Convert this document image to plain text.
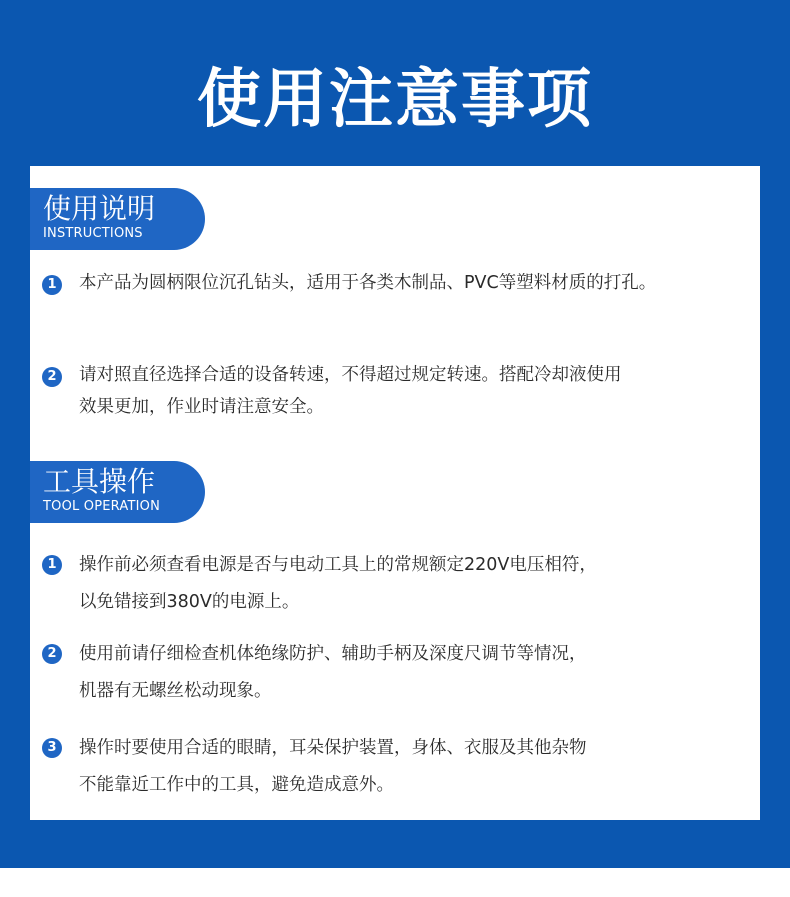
使用注意事项
使用说明
INSTRUCTIONS
1	本产品为圆柄限位沉孔钻头，适用于各类木制品、PVC等塑料材质的打孔。

2	请对照直径选择合适的设备转速，不得超过规定转速。搭配冷却液使用
效果更加，作业时请注意安全。

工具操作
TOOL OPERATION
1	操作前必须查看电源是否与电动工具上的常规额定220V电压相符，
以免错接到380V的电源上。

2	使用前请仔细检查机体绝缘防护、辅助手柄及深度尺调节等情况，
机器有无螺丝松动现象。

3	操作时要使用合适的眼睛，耳朵保护装置，身体、衣服及其他杂物
不能靠近工作中的工具，避免造成意外。
